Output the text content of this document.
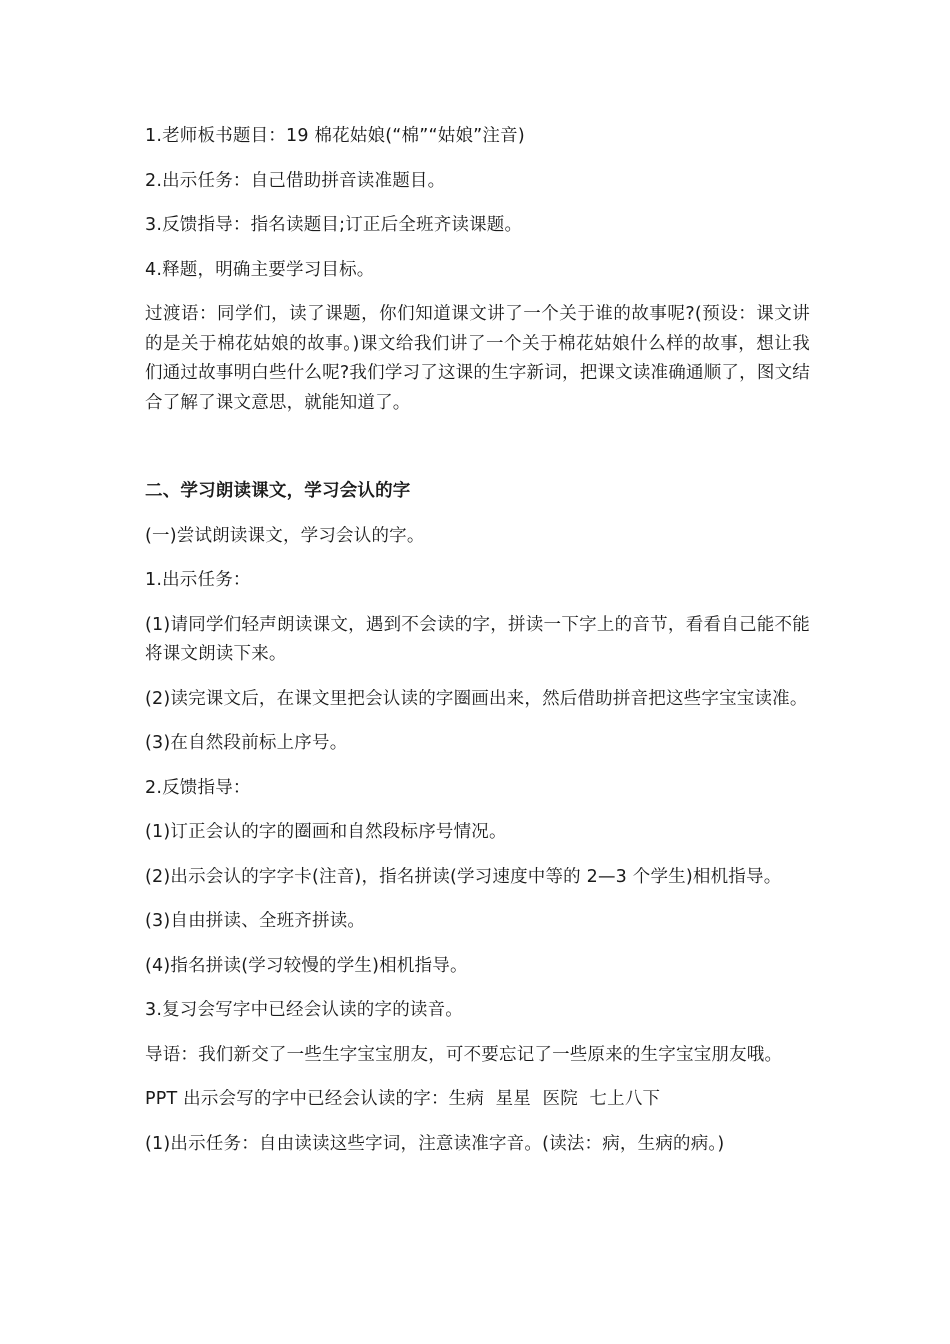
1.老师板书题目：19 棉花姑娘(“棉”“姑娘”注音)

2.出示任务：自己借助拼音读准题目。

3.反馈指导：指名读题目;订正后全班齐读课题。

4.释题，明确主要学习目标。

过渡语：同学们，读了课题，你们知道课文讲了一个关于谁的故事呢?(预设：课文讲的是关于棉花姑娘的故事。)课文给我们讲了一个关于棉花姑娘什么样的故事，想让我们通过故事明白些什么呢?我们学习了这课的生字新词，把课文读准确通顺了，图文结合了解了课文意思，就能知道了。

二、学习朗读课文，学习会认的字

(一)尝试朗读课文，学习会认的字。

1.出示任务：

(1)请同学们轻声朗读课文，遇到不会读的字，拼读一下字上的音节，看看自己能不能将课文朗读下来。

(2)读完课文后，在课文里把会认读的字圈画出来，然后借助拼音把这些字宝宝读准。

(3)在自然段前标上序号。

2.反馈指导：

(1)订正会认的字的圈画和自然段标序号情况。

(2)出示会认的字字卡(注音)，指名拼读(学习速度中等的 2—3 个学生)相机指导。

(3)自由拼读、全班齐拼读。

(4)指名拼读(学习较慢的学生)相机指导。

3.复习会写字中已经会认读的字的读音。

导语：我们新交了一些生字宝宝朋友，可不要忘记了一些原来的生字宝宝朋友哦。

PPT 出示会写的字中已经会认读的字：生病  星星  医院  七上八下

(1)出示任务：自由读读这些字词，注意读准字音。(读法：病，生病的病。)
